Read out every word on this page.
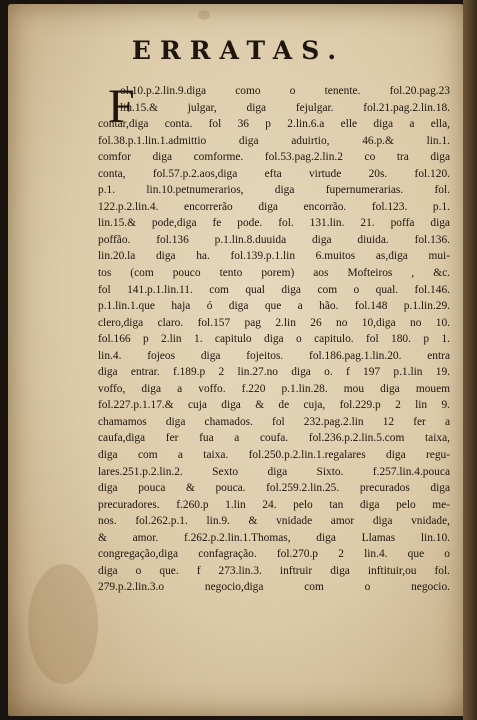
ERRATAS.
F
ol.10.p.2.lin.9.diga como o tenente. fol.20.pag.23
lin.15.& julgar, diga fejulgar. fol.21.pag.2.lin.18.
contar,diga conta. fol 36 p 2.lin.6.a elle diga a ella,
fol.38.p.1.lin.1.admittio diga aduirtio, 46.p.& lin.1.
comfor diga comforme. fol.53.pag.2.lin.2 co tra diga
conta, fol.57.p.2.aos,diga efta virtude 20s. fol.120.
p.1. lin.10.petnumerarios, diga fupernumerarias. fol.
122.p.2.lin.4. encorrerão diga encorrão. fol.123. p.1.
lin.15.& pode,diga fe pode. fol. 131.lin. 21. poffa diga
poffão. fol.136 p.1.lin.8.duuida diga diuida. fol.136.
lin.20.la diga ha. fol.139.p.1.lin 6.muitos as,diga mui-
tos (com pouco tento porem) aos Mofteiros , &c.
fol 141.p.1.lin.11. com qual diga com o qual. fol.146.
p.1.lin.1.que haja ó diga que a hão. fol.148 p.1.lin.29.
clero,diga claro. fol.157 pag 2.lin 26 no 10,diga no 10.
fol.166 p 2.lin 1. capitulo diga o capitulo. fol 180. p 1.
lin.4. fojeos diga fojeitos. fol.186.pag.1.lin.20. entra
diga entrar. f.189.p 2 lin.27.no diga o. f 197 p.1.lin 19.
voffo, diga a voffo. f.220 p.1.lin.28. mou diga mouem
fol.227.p.1.17.& cuja diga & de cuja, fol.229.p 2 lin 9.
chamamos diga chamados. fol 232.pag.2.lin 12 fer a
caufa,diga fer fua a coufa. fol.236.p.2.lin.5.com taixa,
diga com a taixa. fol.250.p.2.lin.1.regalares diga regu-
lares.251.p.2.lin.2. Sexto diga Sixto. f.257.lin.4.pouca
diga pouca & pouca. fol.259.2.lin.25. precurados diga
precuradores. f.260.p 1.lin 24. pelo tan diga pelo me-
nos. fol.262.p.1. lin.9. & vnidade amor diga vnidade,
& amor. f.262.p.2.lin.1.Thomas, diga Llamas lin.10.
congregação,diga confagração. fol.270.p 2 lin.4. que o
diga o que. f 273.lin.3. inftruir diga inftituir,ou fol.
279.p.2.lin.3.o negocio,diga com o negocio.
